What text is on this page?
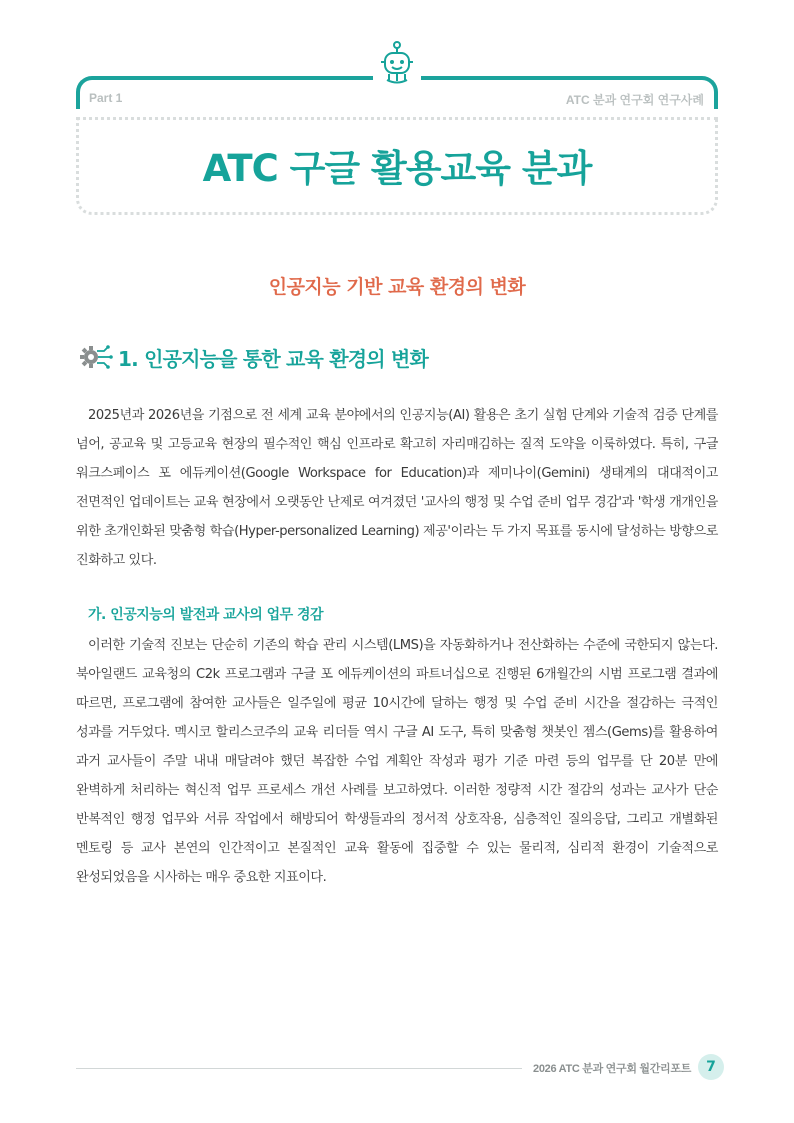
Part 1	ATC 분과 연구회 연구사례
ATC 구글 활용교육 분과
인공지능 기반 교육 환경의 변화
1. 인공지능을 통한 교육 환경의 변화

2025년과 2026년을 기점으로 전 세계 교육 분야에서의 인공지능(AI) 활용은 초기 실험 단계와 기술적 검증 단계를 넘어, 공교육 및 고등교육 현장의 필수적인 핵심 인프라로 확고히 자리매김하는 질적 도약을 이룩하였다. 특히, 구글 워크스페이스 포 에듀케이션(Google Workspace for Education)과 제미나이(Gemini) 생태계의 대대적이고 전면적인 업데이트는 교육 현장에서 오랫동안 난제로 여겨졌던 '교사의 행정 및 수업 준비 업무 경감'과 '학생 개개인을 위한 초개인화된 맞춤형 학습(Hyper-personalized Learning) 제공'이라는 두 가지 목표를 동시에 달성하는 방향으로 진화하고 있다.

가. 인공지능의 발전과 교사의 업무 경감

이러한 기술적 진보는 단순히 기존의 학습 관리 시스템(LMS)을 자동화하거나 전산화하는 수준에 국한되지 않는다. 북아일랜드 교육청의 C2k 프로그램과 구글 포 에듀케이션의 파트너십으로 진행된 6개월간의 시범 프로그램 결과에 따르면, 프로그램에 참여한 교사들은 일주일에 평균 10시간에 달하는 행정 및 수업 준비 시간을 절감하는 극적인 성과를 거두었다. 멕시코 할리스코주의 교육 리더들 역시 구글 AI 도구, 특히 맞춤형 챗봇인 젬스(Gems)를 활용하여 과거 교사들이 주말 내내 매달려야 했던 복잡한 수업 계획안 작성과 평가 기준 마련 등의 업무를 단 20분 만에 완벽하게 처리하는 혁신적 업무 프로세스 개선 사례를 보고하였다. 이러한 정량적 시간 절감의 성과는 교사가 단순 반복적인 행정 업무와 서류 작업에서 해방되어 학생들과의 정서적 상호작용, 심층적인 질의응답, 그리고 개별화된 멘토링 등 교사 본연의 인간적이고 본질적인 교육 활동에 집중할 수 있는 물리적, 심리적 환경이 기술적으로 완성되었음을 시사하는 매우 중요한 지표이다.

2026 ATC 분과 연구회 월간리포트	7
